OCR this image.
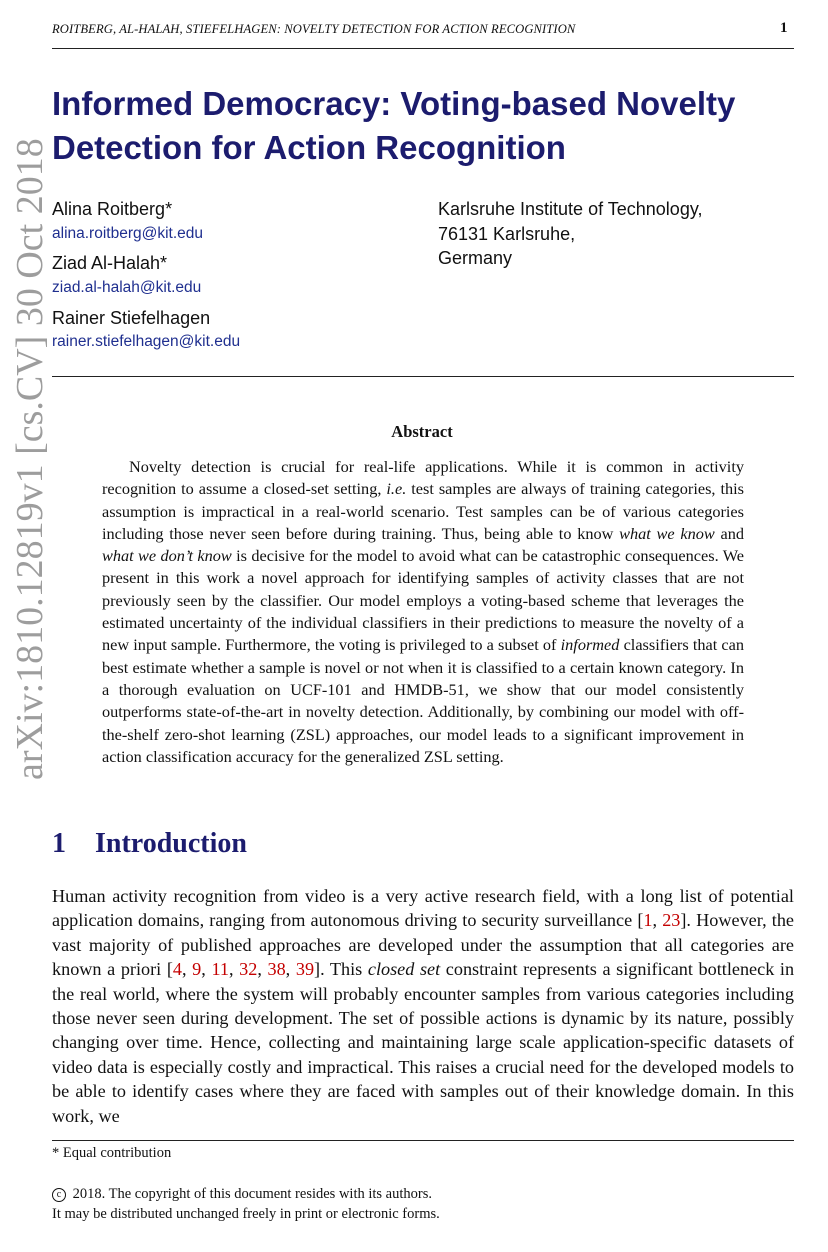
arXiv:1810.12819v1 [cs.CV] 30 Oct 2018
ROITBERG, AL-HALAH, STIEFELHAGEN: NOVELTY DETECTION FOR ACTION RECOGNITION	1
Informed Democracy: Voting-based Novelty
Detection for Action Recognition
Alina Roitberg*
alina.roitberg@kit.edu
Ziad Al-Halah*
ziad.al-halah@kit.edu
Rainer Stiefelhagen
rainer.stiefelhagen@kit.edu
Karlsruhe Institute of Technology,
76131 Karlsruhe,
Germany
Abstract

Novelty detection is crucial for real-life applications. While it is common in activity recognition to assume a closed-set setting, i.e. test samples are always of training categories, this assumption is impractical in a real-world scenario. Test samples can be of various categories including those never seen before during training. Thus, being able to know what we know and what we don’t know is decisive for the model to avoid what can be catastrophic consequences. We present in this work a novel approach for identifying samples of activity classes that are not previously seen by the classifier. Our model employs a voting-based scheme that leverages the estimated uncertainty of the individual classifiers in their predictions to measure the novelty of a new input sample. Furthermore, the voting is privileged to a subset of informed classifiers that can best estimate whether a sample is novel or not when it is classified to a certain known category. In a thorough evaluation on UCF-101 and HMDB-51, we show that our model consistently outperforms state-of-the-art in novelty detection. Additionally, by combining our model with off-the-shelf zero-shot learning (ZSL) approaches, our model leads to a significant improvement in action classification accuracy for the generalized ZSL setting.

1 Introduction

Human activity recognition from video is a very active research field, with a long list of potential application domains, ranging from autonomous driving to security surveillance [1, 23]. However, the vast majority of published approaches are developed under the assumption that all categories are known a priori [4, 9, 11, 32, 38, 39]. This closed set constraint represents a significant bottleneck in the real world, where the system will probably encounter samples from various categories including those never seen during development. The set of possible actions is dynamic by its nature, possibly changing over time. Hence, collecting and maintaining large scale application-specific datasets of video data is especially costly and impractical. This raises a crucial need for the developed models to be able to identify cases where they are faced with samples out of their knowledge domain. In this work, we

* Equal contribution
c 2018. The copyright of this document resides with its authors.
It may be distributed unchanged freely in print or electronic forms.
